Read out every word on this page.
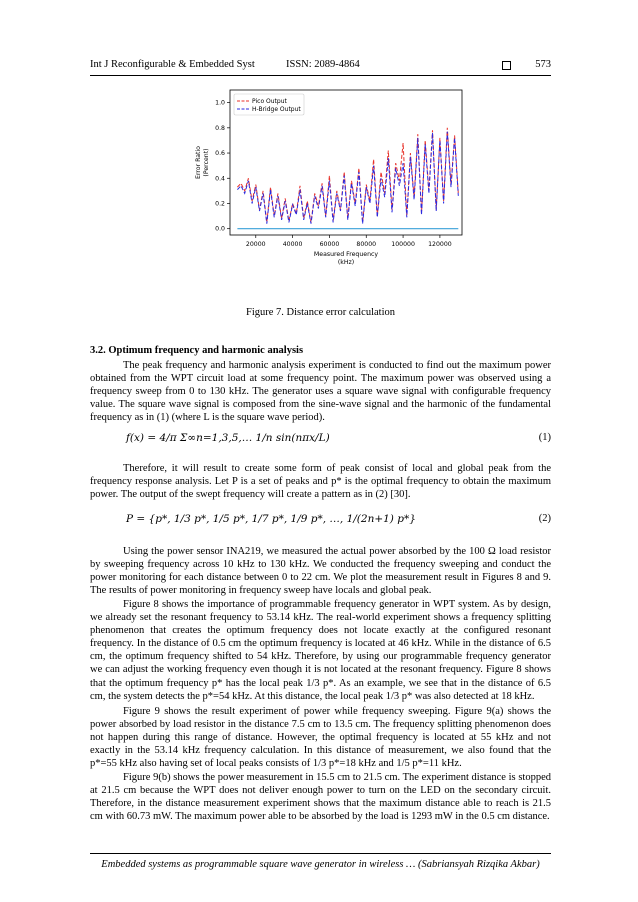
Int J Reconfigurable & Embedded Syst	ISSN: 2089-4864	573
20000	40000	60000	80000 100000 120000
0.0
0.2
0.4
0.6
0.8
1.0
Measured Frequency
(kHz)
Error Ratio (Percent)
Pico Output
H-Bridge Output
Figure 7. Distance error calculation
3.2. Optimum frequency and harmonic analysis

The peak frequency and harmonic analysis experiment is conducted to find out the maximum power obtained from the WPT circuit load at some frequency point. The maximum power was observed using a frequency sweep from 0 to 130 kHz. The generator uses a square wave signal with configurable frequency value. The square wave signal is composed from the sine-wave signal and the harmonic of the fundamental frequency as in (1) (where L is the square wave period).

f(x) = 4/π Σ∞n=1,3,5,… 1/n sin(nπx/L)	(1)

Therefore, it will result to create some form of peak consist of local and global peak from the frequency response analysis. Let P is a set of peaks and p* is the optimal frequency to obtain the maximum power. The output of the swept frequency will create a pattern as in (2) [30].

P = {p*, 1/3 p*, 1/5 p*, 1/7 p*, 1/9 p*, …, 1/(2n+1) p*}	(2)

Using the power sensor INA219, we measured the actual power absorbed by the 100 Ω load resistor by sweeping frequency across 10 kHz to 130 kHz. We conducted the frequency sweeping and conduct the power monitoring for each distance between 0 to 22 cm. We plot the measurement result in Figures 8 and 9. The results of power monitoring in frequency sweep have locals and global peak.

Figure 8 shows the importance of programmable frequency generator in WPT system. As by design, we already set the resonant frequency to 53.14 kHz. The real-world experiment shows a frequency splitting phenomenon that creates the optimum frequency does not locate exactly at the configured resonant frequency. In the distance of 0.5 cm the optimum frequency is located at 46 kHz. While in the distance of 6.5 cm, the optimum frequency shifted to 54 kHz. Therefore, by using our programmable frequency generator we can adjust the working frequency even though it is not located at the resonant frequency. Figure 8 shows that the optimum frequency p* has the local peak 1/3 p*. As an example, we see that in the distance of 6.5 cm, the system detects the p*=54 kHz. At this distance, the local peak 1/3 p* was also detected at 18 kHz.

Figure 9 shows the result experiment of power while frequency sweeping. Figure 9(a) shows the power absorbed by load resistor in the distance 7.5 cm to 13.5 cm. The frequency splitting phenomenon does not happen during this range of distance. However, the optimal frequency is located at 55 kHz and not exactly in the 53.14 kHz frequency calculation. In this distance of measurement, we also found that the p*=55 kHz also having set of local peaks consists of 1/3 p*=18 kHz and 1/5 p*=11 kHz.

Figure 9(b) shows the power measurement in 15.5 cm to 21.5 cm. The experiment distance is stopped at 21.5 cm because the WPT does not deliver enough power to turn on the LED on the secondary circuit. Therefore, in the distance measurement experiment shows that the maximum distance able to reach is 21.5 cm with 60.73 mW. The maximum power able to be absorbed by the load is 1293 mW in the 0.5 cm distance.

Embedded systems as programmable square wave generator in wireless … (Sabriansyah Rizqika Akbar)
